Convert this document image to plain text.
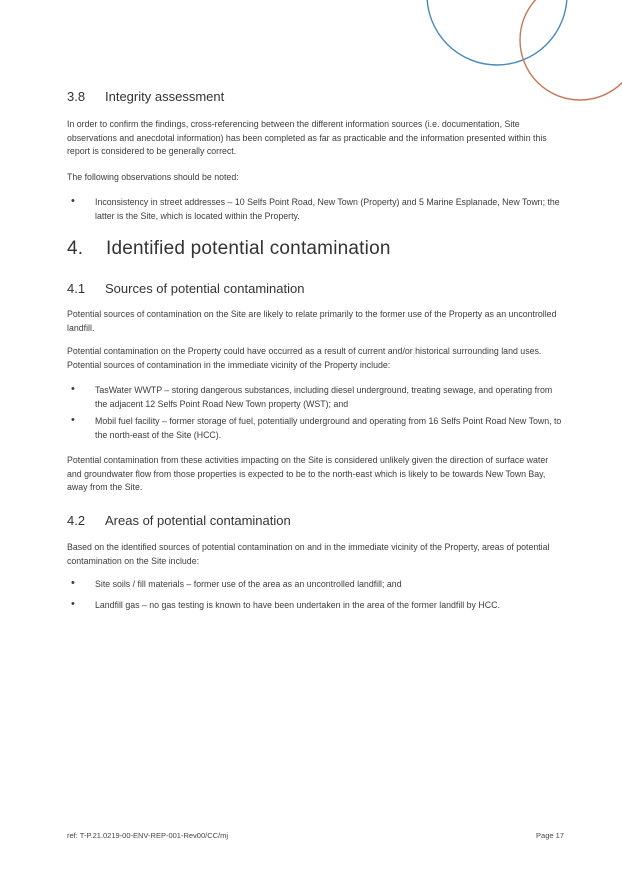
3.8 Integrity assessment

In order to confirm the findings, cross-referencing between the different information sources (i.e. documentation, Site observations and anecdotal information) has been completed as far as practicable and the information presented within this report is considered to be generally correct.

The following observations should be noted:

• Inconsistency in street addresses – 10 Selfs Point Road, New Town (Property) and 5 Marine Esplanade, New Town; the latter is the Site, which is located within the Property.
4. Identified potential contamination
4.1 Sources of potential contamination

Potential sources of contamination on the Site are likely to relate primarily to the former use of the Property as an uncontrolled landfill.

Potential contamination on the Property could have occurred as a result of current and/or historical surrounding land uses. Potential sources of contamination in the immediate vicinity of the Property include:

• TasWater WWTP – storing dangerous substances, including diesel underground, treating sewage, and operating from the adjacent 12 Selfs Point Road New Town property (WST); and
• Mobil fuel facility – former storage of fuel, potentially underground and operating from 16 Selfs Point Road New Town, to the north-east of the Site (HCC).

Potential contamination from these activities impacting on the Site is considered unlikely given the direction of surface water and groundwater flow from those properties is expected to be to the north-east which is likely to be towards New Town Bay, away from the Site.

4.2 Areas of potential contamination

Based on the identified sources of potential contamination on and in the immediate vicinity of the Property, areas of potential contamination on the Site include:

• Site soils / fill materials – former use of the area as an uncontrolled landfill; and
• Landfill gas – no gas testing is known to have been undertaken in the area of the former landfill by HCC.
ref: T-P.21.0219-00-ENV-REP-001-Rev00/CC/mj	Page 17
